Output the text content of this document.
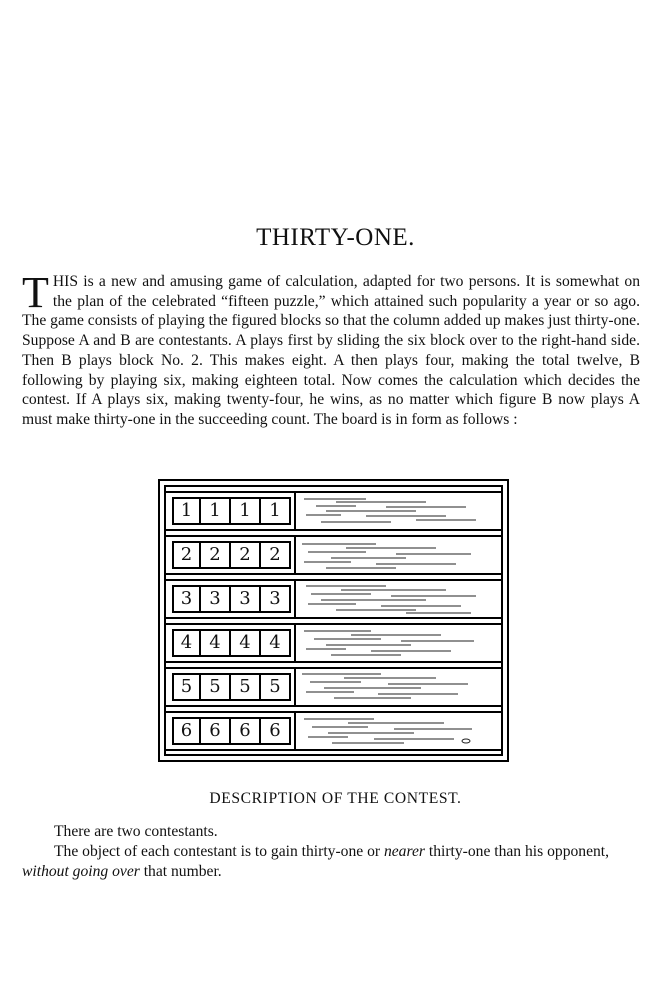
THIRTY-ONE.
THIS is a new and amusing game of calculation, adapted for two persons. It is somewhat on the plan of the celebrated “fifteen puzzle,” which attained such popularity a year or so ago. The game consists of playing the figured blocks so that the column added up makes just thirty-one. Suppose A and B are contestants. A plays first by sliding the six block over to the right-hand side. Then B plays block No. 2. This makes eight. A then plays four, making the total twelve, B following by playing six, making eighteen total. Now comes the calculation which decides the contest. If A plays six, making twenty-four, he wins, as no matter which figure B now plays A must make thirty-one in the succeeding count. The board is in form as follows :
1 1	1	1
2 2	2	2
3 3	3	3
4 4	4	4
5 5	5	5
6 6	6	6
DESCRIPTION OF THE CONTEST.
There are two contestants.
The object of each contestant is to gain thirty-one or nearer thirty-one than his opponent, without going over that number.
